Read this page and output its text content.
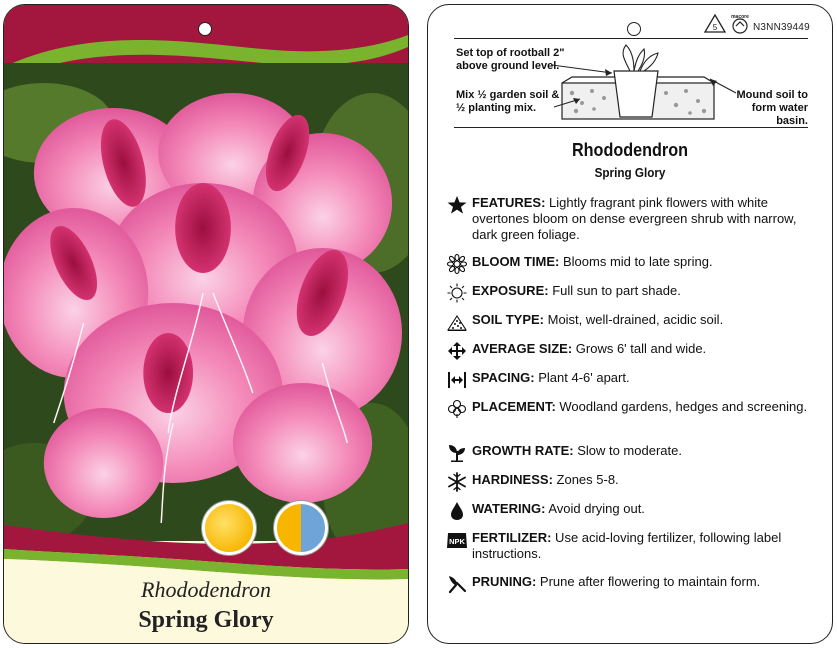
Rhododendron
Spring Glory
5
macore
N3NN39449
Set top of rootball 2" above ground level.
Mix ½ garden soil & ½ planting mix.
Mound soil to form water basin.
Rhododendron
Spring Glory
FEATURES: Lightly fragrant pink flowers with white overtones bloom on dense evergreen shrub with narrow, dark green foliage.
BLOOM TIME: Blooms mid to late spring.
EXPOSURE: Full sun to part shade.
SOIL TYPE: Moist, well-drained, acidic soil.
AVERAGE SIZE: Grows 6' tall and wide.
SPACING: Plant 4-6' apart.
PLACEMENT: Woodland gardens, hedges and screening.
GROWTH RATE: Slow to moderate.
HARDINESS: Zones 5-8.
WATERING: Avoid drying out.
NPK FERTILIZER: Use acid-loving fertilizer, following label instructions.
PRUNING: Prune after flowering to maintain form.
